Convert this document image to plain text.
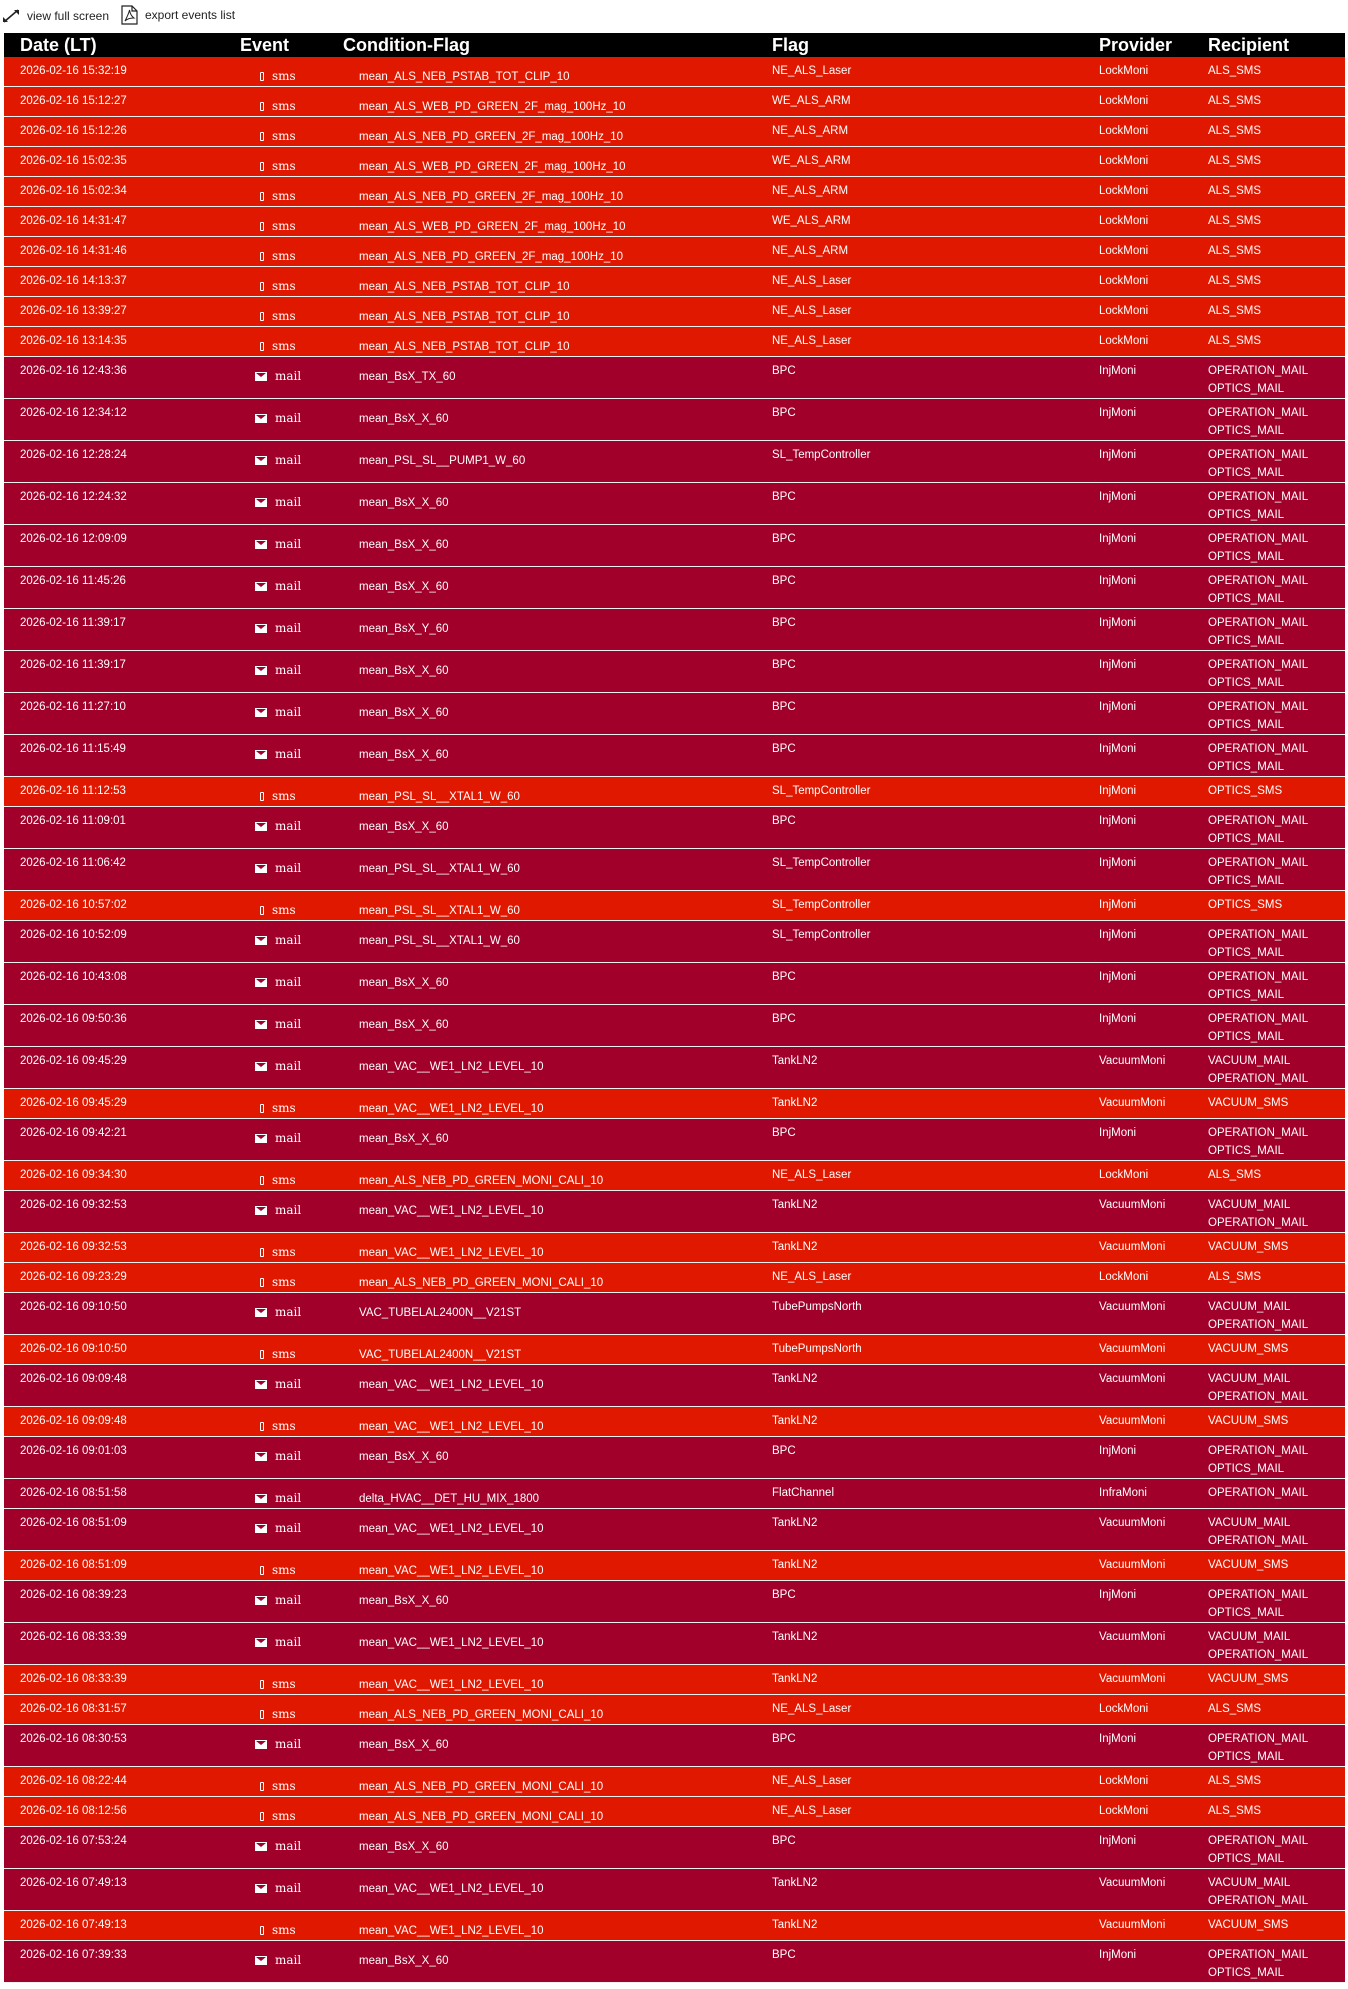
view full screen	export events list
Date (LT)	Event	Condition-Flag	Flag	Provider	Recipient

2026-02-16 15:32:19	sms	mean_ALS_NEB_PSTAB_TOT_CLIP_10	NE_ALS_Laser	LockMoni	ALS_SMS

2026-02-16 15:12:27	sms	mean_ALS_WEB_PD_GREEN_2F_mag_100Hz_10	WE_ALS_ARM	LockMoni	ALS_SMS

2026-02-16 15:12:26	sms	mean_ALS_NEB_PD_GREEN_2F_mag_100Hz_10	NE_ALS_ARM	LockMoni	ALS_SMS

2026-02-16 15:02:35	sms	mean_ALS_WEB_PD_GREEN_2F_mag_100Hz_10	WE_ALS_ARM	LockMoni	ALS_SMS

2026-02-16 15:02:34	sms	mean_ALS_NEB_PD_GREEN_2F_mag_100Hz_10	NE_ALS_ARM	LockMoni	ALS_SMS

2026-02-16 14:31:47	sms	mean_ALS_WEB_PD_GREEN_2F_mag_100Hz_10	WE_ALS_ARM	LockMoni	ALS_SMS

2026-02-16 14:31:46	sms	mean_ALS_NEB_PD_GREEN_2F_mag_100Hz_10	NE_ALS_ARM	LockMoni	ALS_SMS

2026-02-16 14:13:37	sms	mean_ALS_NEB_PSTAB_TOT_CLIP_10	NE_ALS_Laser	LockMoni	ALS_SMS

2026-02-16 13:39:27	sms	mean_ALS_NEB_PSTAB_TOT_CLIP_10	NE_ALS_Laser	LockMoni	ALS_SMS

2026-02-16 13:14:35	sms	mean_ALS_NEB_PSTAB_TOT_CLIP_10	NE_ALS_Laser	LockMoni	ALS_SMS

2026-02-16 12:43:36	mail	mean_BsX_TX_60	BPC	InjMoni	OPERATION_MAIL
OPTICS_MAIL

2026-02-16 12:34:12	mail	mean_BsX_X_60	BPC	InjMoni	OPERATION_MAIL
OPTICS_MAIL

2026-02-16 12:28:24	mail	mean_PSL_SL__PUMP1_W_60	SL_TempController	InjMoni	OPERATION_MAIL
OPTICS_MAIL

2026-02-16 12:24:32	mail	mean_BsX_X_60	BPC	InjMoni	OPERATION_MAIL
OPTICS_MAIL

2026-02-16 12:09:09	mail	mean_BsX_X_60	BPC	InjMoni	OPERATION_MAIL
OPTICS_MAIL

2026-02-16 11:45:26	mail	mean_BsX_X_60	BPC	InjMoni	OPERATION_MAIL
OPTICS_MAIL

2026-02-16 11:39:17	mail	mean_BsX_Y_60	BPC	InjMoni	OPERATION_MAIL
OPTICS_MAIL

2026-02-16 11:39:17	mail	mean_BsX_X_60	BPC	InjMoni	OPERATION_MAIL
OPTICS_MAIL

2026-02-16 11:27:10	mail	mean_BsX_X_60	BPC	InjMoni	OPERATION_MAIL
OPTICS_MAIL

2026-02-16 11:15:49	mail	mean_BsX_X_60	BPC	InjMoni	OPERATION_MAIL
OPTICS_MAIL

2026-02-16 11:12:53	sms	mean_PSL_SL__XTAL1_W_60	SL_TempController	InjMoni	OPTICS_SMS

2026-02-16 11:09:01	mail	mean_BsX_X_60	BPC	InjMoni	OPERATION_MAIL
OPTICS_MAIL

2026-02-16 11:06:42	mail	mean_PSL_SL__XTAL1_W_60	SL_TempController	InjMoni	OPERATION_MAIL
OPTICS_MAIL

2026-02-16 10:57:02	sms	mean_PSL_SL__XTAL1_W_60	SL_TempController	InjMoni	OPTICS_SMS

2026-02-16 10:52:09	mail	mean_PSL_SL__XTAL1_W_60	SL_TempController	InjMoni	OPERATION_MAIL
OPTICS_MAIL

2026-02-16 10:43:08	mail	mean_BsX_X_60	BPC	InjMoni	OPERATION_MAIL
OPTICS_MAIL

2026-02-16 09:50:36	mail	mean_BsX_X_60	BPC	InjMoni	OPERATION_MAIL
OPTICS_MAIL

2026-02-16 09:45:29	mail	mean_VAC__WE1_LN2_LEVEL_10	TankLN2	VacuumMoni	VACUUM_MAIL
OPERATION_MAIL

2026-02-16 09:45:29	sms	mean_VAC__WE1_LN2_LEVEL_10	TankLN2	VacuumMoni	VACUUM_SMS

2026-02-16 09:42:21	mail	mean_BsX_X_60	BPC	InjMoni	OPERATION_MAIL
OPTICS_MAIL

2026-02-16 09:34:30	sms	mean_ALS_NEB_PD_GREEN_MONI_CALI_10	NE_ALS_Laser	LockMoni	ALS_SMS

2026-02-16 09:32:53	mail	mean_VAC__WE1_LN2_LEVEL_10	TankLN2	VacuumMoni	VACUUM_MAIL
OPERATION_MAIL

2026-02-16 09:32:53	sms	mean_VAC__WE1_LN2_LEVEL_10	TankLN2	VacuumMoni	VACUUM_SMS

2026-02-16 09:23:29	sms	mean_ALS_NEB_PD_GREEN_MONI_CALI_10	NE_ALS_Laser	LockMoni	ALS_SMS

2026-02-16 09:10:50	mail	VAC_TUBELAL2400N__V21ST	TubePumpsNorth	VacuumMoni	VACUUM_MAIL
OPERATION_MAIL

2026-02-16 09:10:50	sms	VAC_TUBELAL2400N__V21ST	TubePumpsNorth	VacuumMoni	VACUUM_SMS

2026-02-16 09:09:48	mail	mean_VAC__WE1_LN2_LEVEL_10	TankLN2	VacuumMoni	VACUUM_MAIL
OPERATION_MAIL

2026-02-16 09:09:48	sms	mean_VAC__WE1_LN2_LEVEL_10	TankLN2	VacuumMoni	VACUUM_SMS

2026-02-16 09:01:03	mail	mean_BsX_X_60	BPC	InjMoni	OPERATION_MAIL
OPTICS_MAIL

2026-02-16 08:51:58	mail	delta_HVAC__DET_HU_MIX_1800	FlatChannel	InfraMoni	OPERATION_MAIL

2026-02-16 08:51:09	mail	mean_VAC__WE1_LN2_LEVEL_10	TankLN2	VacuumMoni	VACUUM_MAIL
OPERATION_MAIL

2026-02-16 08:51:09	sms	mean_VAC__WE1_LN2_LEVEL_10	TankLN2	VacuumMoni	VACUUM_SMS

2026-02-16 08:39:23	mail	mean_BsX_X_60	BPC	InjMoni	OPERATION_MAIL
OPTICS_MAIL

2026-02-16 08:33:39	mail	mean_VAC__WE1_LN2_LEVEL_10	TankLN2	VacuumMoni	VACUUM_MAIL
OPERATION_MAIL

2026-02-16 08:33:39	sms	mean_VAC__WE1_LN2_LEVEL_10	TankLN2	VacuumMoni	VACUUM_SMS

2026-02-16 08:31:57	sms	mean_ALS_NEB_PD_GREEN_MONI_CALI_10	NE_ALS_Laser	LockMoni	ALS_SMS

2026-02-16 08:30:53	mail	mean_BsX_X_60	BPC	InjMoni	OPERATION_MAIL
OPTICS_MAIL

2026-02-16 08:22:44	sms	mean_ALS_NEB_PD_GREEN_MONI_CALI_10	NE_ALS_Laser	LockMoni	ALS_SMS

2026-02-16 08:12:56	sms	mean_ALS_NEB_PD_GREEN_MONI_CALI_10	NE_ALS_Laser	LockMoni	ALS_SMS

2026-02-16 07:53:24	mail	mean_BsX_X_60	BPC	InjMoni	OPERATION_MAIL
OPTICS_MAIL

2026-02-16 07:49:13	mail	mean_VAC__WE1_LN2_LEVEL_10	TankLN2	VacuumMoni	VACUUM_MAIL
OPERATION_MAIL

2026-02-16 07:49:13	sms	mean_VAC__WE1_LN2_LEVEL_10	TankLN2	VacuumMoni	VACUUM_SMS

2026-02-16 07:39:33	mail	mean_BsX_X_60	BPC	InjMoni	OPERATION_MAIL
OPTICS_MAIL
